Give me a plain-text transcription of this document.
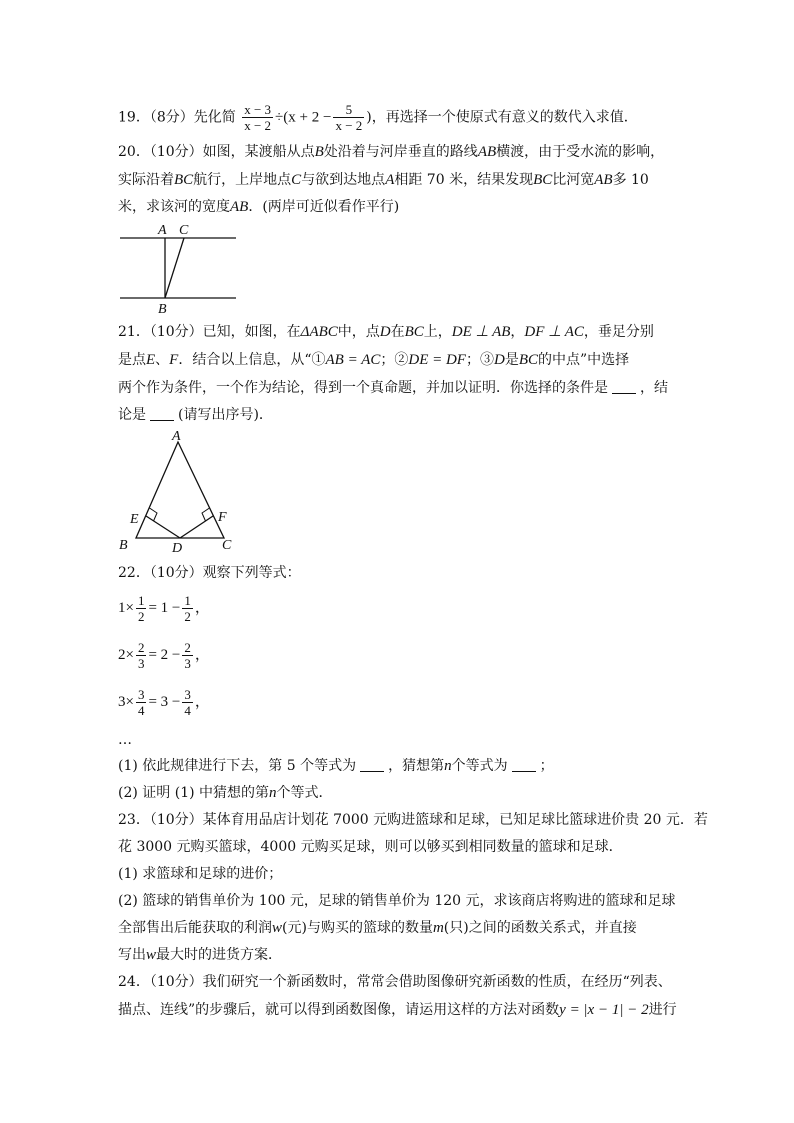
19．（8分）先化简 $\frac{x - 3}{x - 2} \div(x + 2 - \frac{5}{x - 2}$ )，再选择一个使原式有意义的数代入求值．
20．（10分）如图，某渡船从点B处沿着与河岸垂直的路线AB横渡，由于受水流的影响，
实际沿着BC航行，上岸地点C与欲到达地点A相距 70 米，结果发现BC比河宽AB多 10
米，求该河的宽度AB．(两岸可近似看作平行)
A C
B
21．（10分）已知，如图，在ΔABC中，点D在BC上，DE ⊥ AB，DF ⊥ AC，垂足分别
是点E、F．结合以上信息，从“①AB = AC；②DE = DF；③D是BC的中点”中选择
两个作为条件，一个作为结论，得到一个真命题，并加以证明．你选择的条件是 ，结
论是 (请写出序号)．
A
B	C
D
E	F
22．（10分）观察下列等式：
$1\times \frac{1}{2} = 1 - \frac{1}{2}$ ，
$2\times \frac{2}{3} = 2 - \frac{2}{3}$ ，
$3\times \frac{3}{4} = 3 - \frac{3}{4}$ ，
…
(1) 依此规律进行下去，第 5 个等式为 ，猜想第n个等式为 ；
(2) 证明 (1) 中猜想的第n个等式．
23．（10分）某体育用品店计划花 7000 元购进篮球和足球，已知足球比篮球进价贵 20 元．若
花 3000 元购买篮球，4000 元购买足球，则可以够买到相同数量的篮球和足球．
(1) 求篮球和足球的进价；
(2) 篮球的销售单价为 100 元，足球的销售单价为 120 元，求该商店将购进的篮球和足球
全部售出后能获取的利润w(元)与购买的篮球的数量m(只)之间的函数关系式，并直接
写出w最大时的进货方案．
24．（10分）我们研究一个新函数时，常常会借助图像研究新函数的性质，在经历“列表、
描点、连线”的步骤后，就可以得到函数图像，请运用这样的方法对函数y = |x − 1| − 2进行
